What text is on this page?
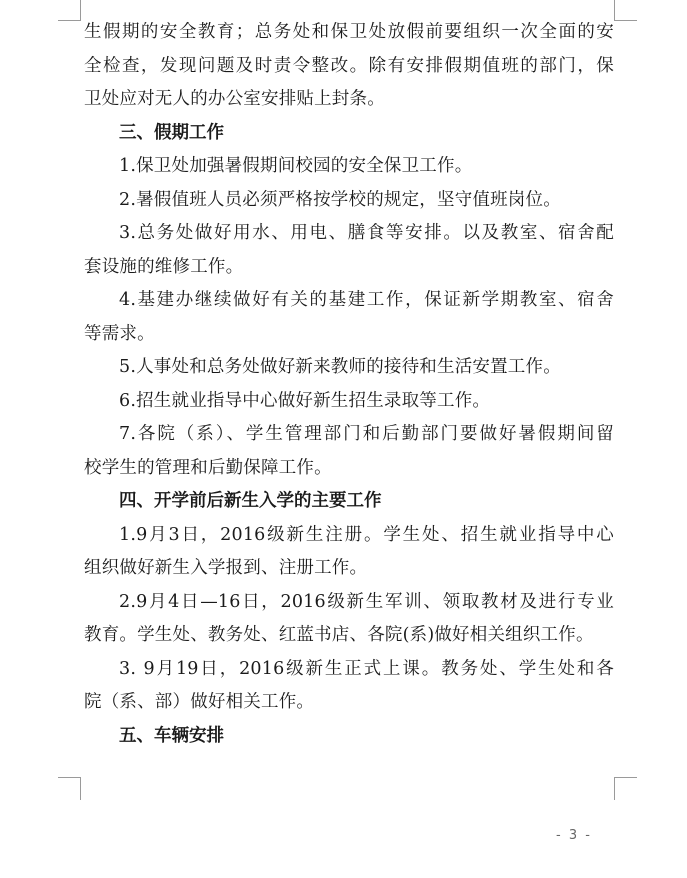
生假期的安全教育；总务处和保卫处放假前要组织一次全面的安
全检查，发现问题及时责令整改。除有安排假期值班的部门，保
卫处应对无人的办公室安排贴上封条。
三、假期工作
1.保卫处加强暑假期间校园的安全保卫工作。
2.暑假值班人员必须严格按学校的规定，坚守值班岗位。
3.总务处做好用水、用电、膳食等安排。以及教室、宿舍配
套设施的维修工作。
4.基建办继续做好有关的基建工作，保证新学期教室、宿舍
等需求。
5.人事处和总务处做好新来教师的接待和生活安置工作。
6.招生就业指导中心做好新生招生录取等工作。
7.各院（系）、学生管理部门和后勤部门要做好暑假期间留
校学生的管理和后勤保障工作。
四、开学前后新生入学的主要工作
1.9月3日，2016级新生注册。学生处、招生就业指导中心
组织做好新生入学报到、注册工作。
2.9月4日—16日，2016级新生军训、领取教材及进行专业
教育。学生处、教务处、红蓝书店、各院(系)做好相关组织工作。
3. 9月19日，2016级新生正式上课。教务处、学生处和各
院（系、部）做好相关工作。
五、车辆安排
- 3 -
